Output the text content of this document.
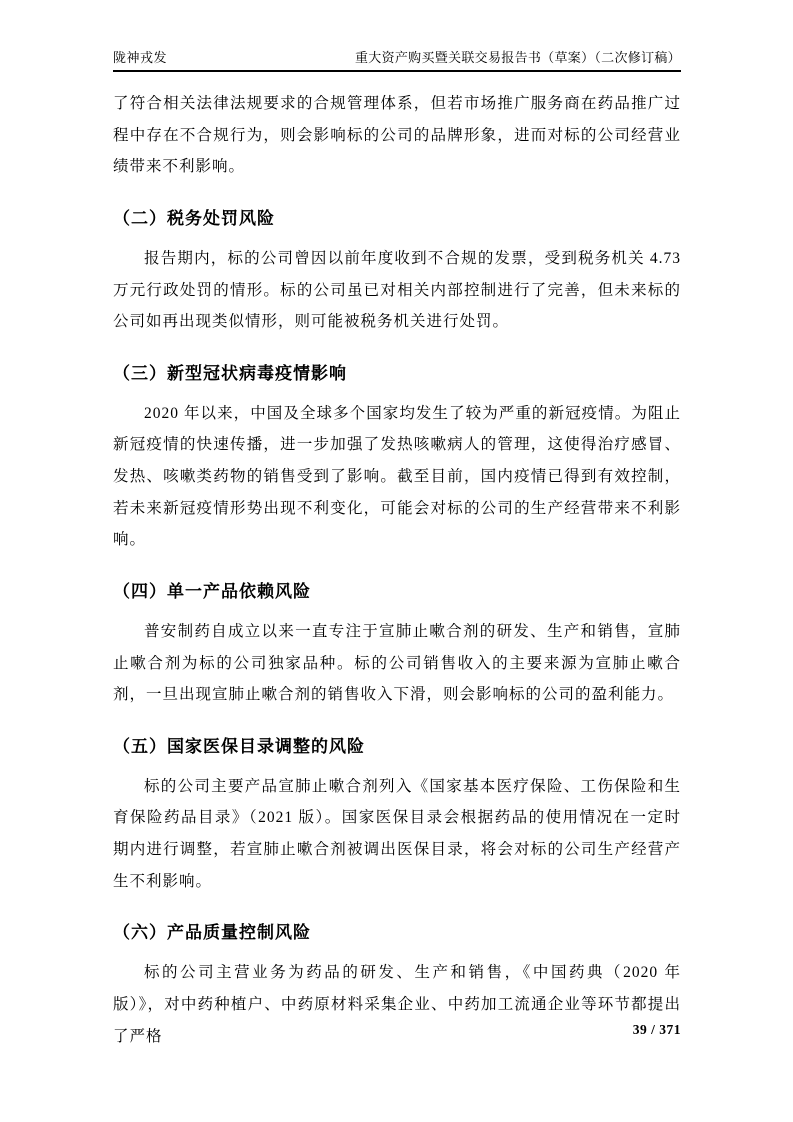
陇神戎发	重大资产购买暨关联交易报告书（草案）（二次修订稿）

了符合相关法律法规要求的合规管理体系，但若市场推广服务商在药品推广过程中存在不合规行为，则会影响标的公司的品牌形象，进而对标的公司经营业绩带来不利影响。

（二）税务处罚风险

报告期内，标的公司曾因以前年度收到不合规的发票，受到税务机关 4.73万元行政处罚的情形。标的公司虽已对相关内部控制进行了完善，但未来标的公司如再出现类似情形，则可能被税务机关进行处罚。

（三）新型冠状病毒疫情影响

2020 年以来，中国及全球多个国家均发生了较为严重的新冠疫情。为阻止新冠疫情的快速传播，进一步加强了发热咳嗽病人的管理，这使得治疗感冒、发热、咳嗽类药物的销售受到了影响。截至目前，国内疫情已得到有效控制，若未来新冠疫情形势出现不利变化，可能会对标的公司的生产经营带来不利影响。

（四）单一产品依赖风险

普安制药自成立以来一直专注于宣肺止嗽合剂的研发、生产和销售，宣肺止嗽合剂为标的公司独家品种。标的公司销售收入的主要来源为宣肺止嗽合剂，一旦出现宣肺止嗽合剂的销售收入下滑，则会影响标的公司的盈利能力。

（五）国家医保目录调整的风险

标的公司主要产品宣肺止嗽合剂列入《国家基本医疗保险、工伤保险和生育保险药品目录》（2021 版）。国家医保目录会根据药品的使用情况在一定时期内进行调整，若宣肺止嗽合剂被调出医保目录，将会对标的公司生产经营产生不利影响。

（六）产品质量控制风险

标的公司主营业务为药品的研发、生产和销售，《中国药典（2020 年版）》，对中药种植户、中药原材料采集企业、中药加工流通企业等环节都提出了严格	39 / 371
